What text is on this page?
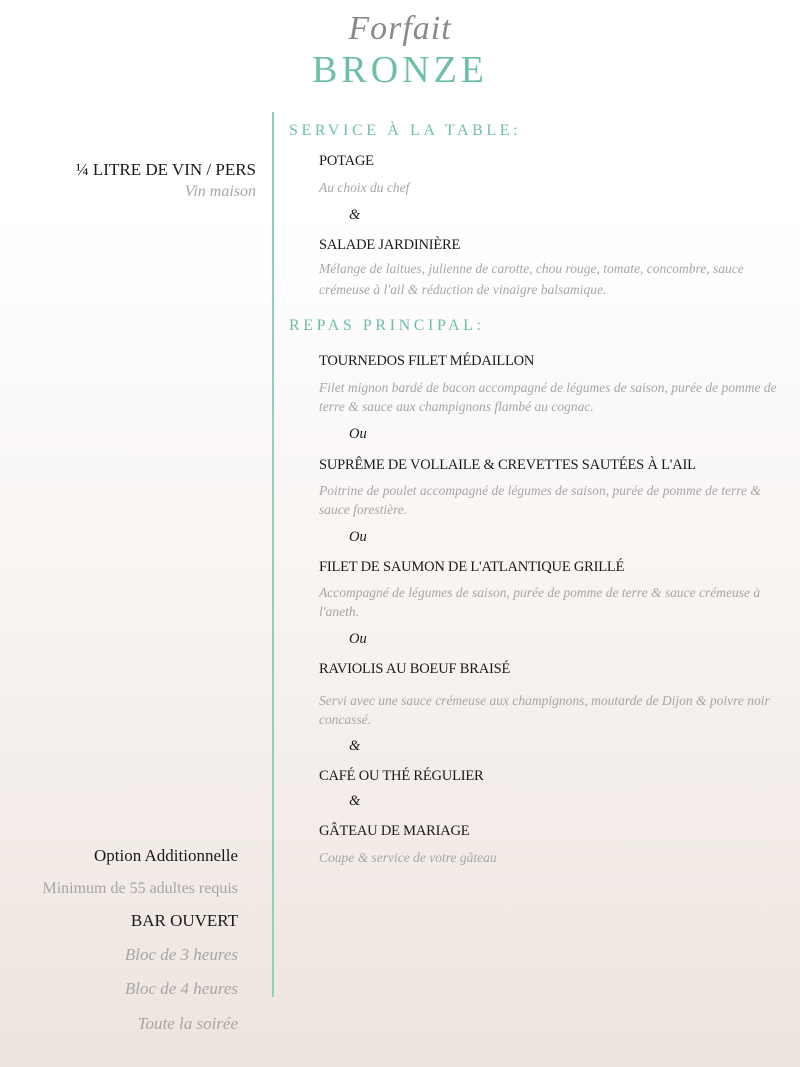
Forfait
BRONZE
¼ LITRE DE VIN / PERS
Vin maison
Option Additionnelle
Minimum de 55 adultes requis
BAR OUVERT
Bloc de 3 heures
Bloc de 4 heures
Toute la soirée
SERVICE À LA TABLE:
POTAGE
Au choix du chef
&
SALADE JARDINIÈRE
Mélange de laitues, julienne de carotte, chou rouge, tomate, concombre, sauce crémeuse à l'ail & réduction de vinaigre balsamique.
REPAS PRINCIPAL:
TOURNEDOS FILET MÉDAILLON
Filet mignon bardé de bacon accompagné de légumes de saison, purée de pomme de terre & sauce aux champignons flambé au cognac.
Ou
SUPRÊME DE VOLLAILE & CREVETTES SAUTÉES À L'AIL
Poitrine de poulet accompagné de légumes de saison, purée de pomme de terre & sauce forestière.
Ou
FILET DE SAUMON DE L'ATLANTIQUE GRILLÉ
Accompagné de légumes de saison, purée de pomme de terre & sauce crémeuse à l'aneth.
Ou
RAVIOLIS AU BOEUF BRAISÉ
Servi avec une sauce crémeuse aux champignons, moutarde de Dijon & poivre noir concassé.
&
CAFÉ OU THÉ RÉGULIER
&
GÂTEAU DE MARIAGE
Coupe & service de votre gâteau
